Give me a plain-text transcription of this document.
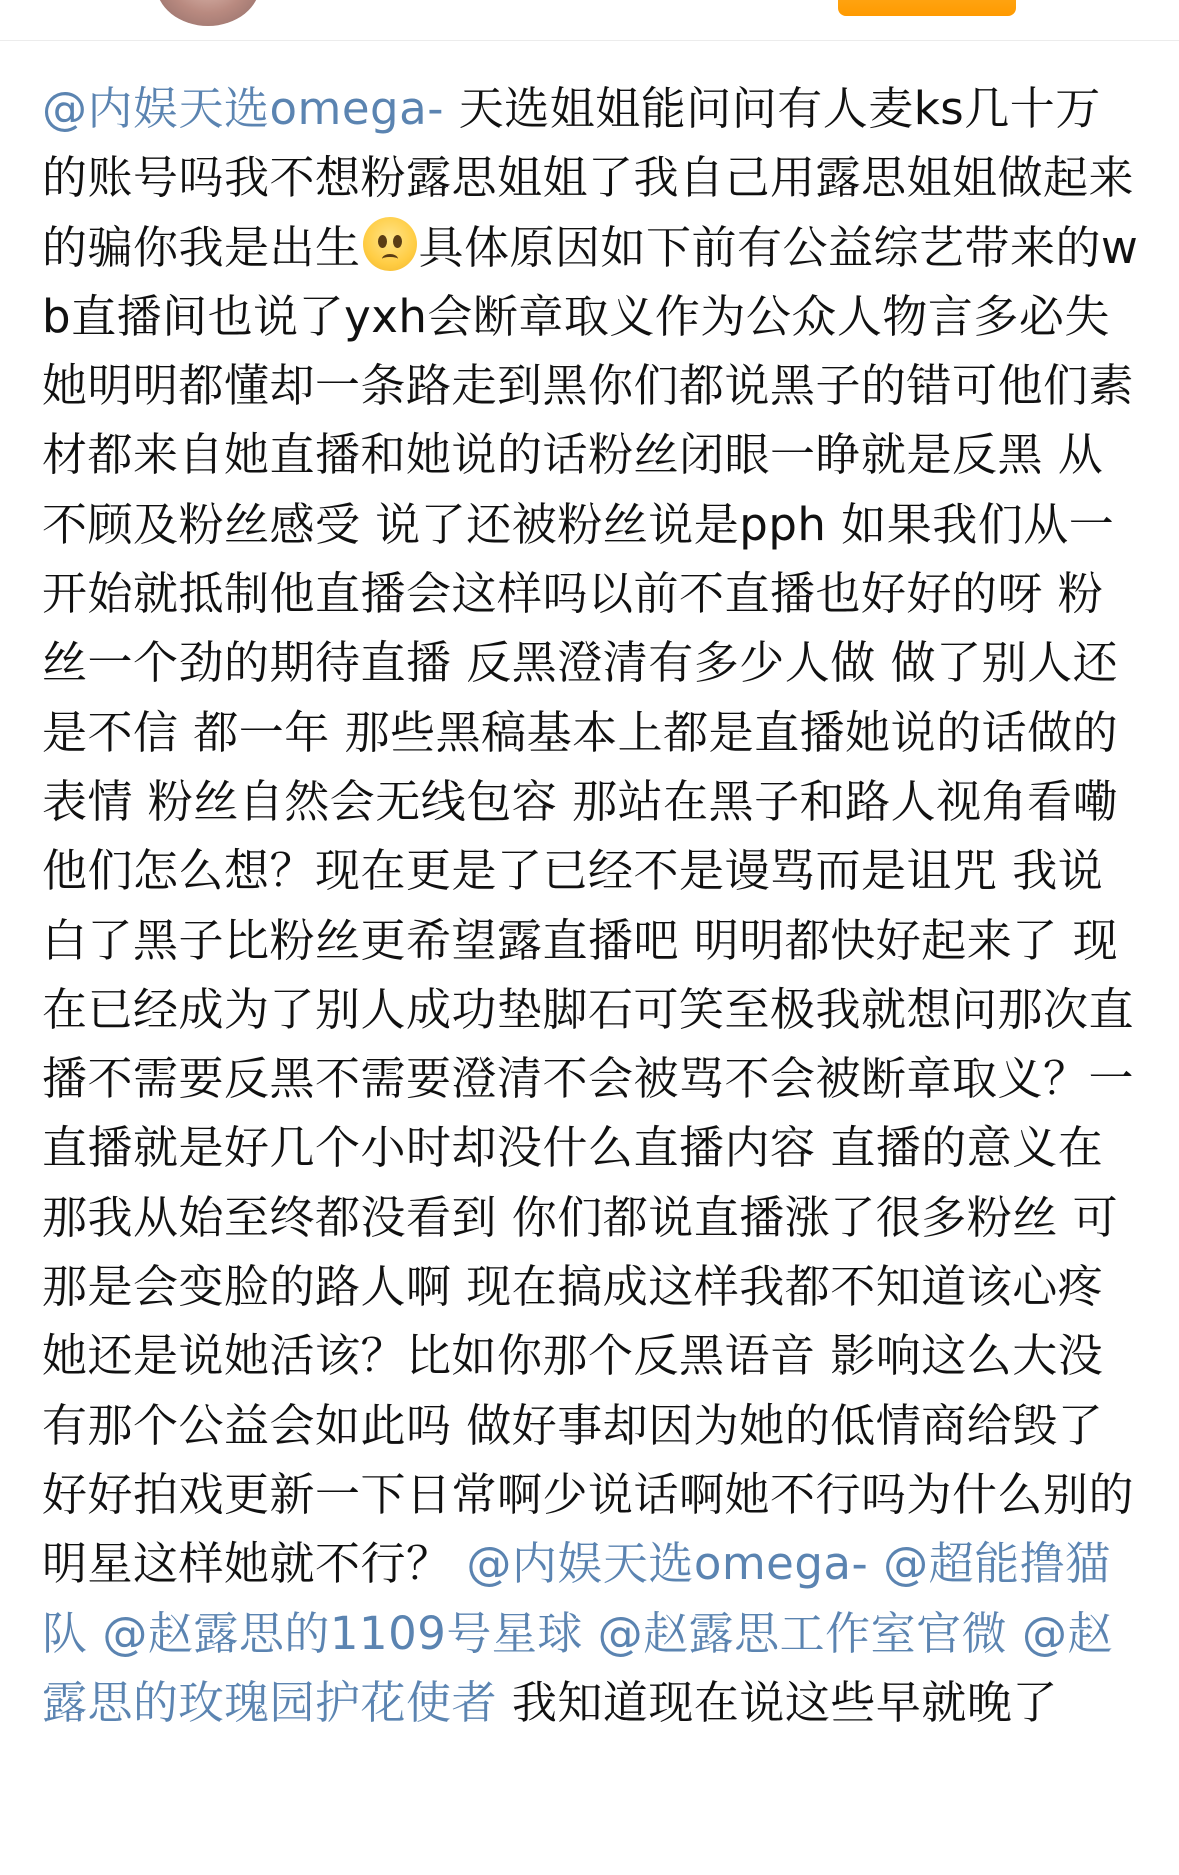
@内娱天选omega- 天选姐姐能问问有人麦ks几十万的账号吗我不想粉露思姐姐了我自己用露思姐姐做起来的骗你我是出生 具体原因如下前有公益综艺带来的wb直播间也说了yxh会断章取义作为公众人物言多必失她明明都懂却一条路走到黑你们都说黑子的错可他们素材都来自她直播和她说的话粉丝闭眼一睁就是反黑 从不顾及粉丝感受 说了还被粉丝说是pph 如果我们从一开始就抵制他直播会这样吗以前不直播也好好的呀 粉丝一个劲的期待直播 反黑澄清有多少人做 做了别人还是不信 都一年 那些黑稿基本上都是直播她说的话做的表情 粉丝自然会无线包容 那站在黑子和路人视角看嘞他们怎么想？现在更是了已经不是谩骂而是诅咒 我说白了黑子比粉丝更希望露直播吧 明明都快好起来了 现在已经成为了别人成功垫脚石可笑至极我就想问那次直播不需要反黑不需要澄清不会被骂不会被断章取义？一直播就是好几个小时却没什么直播内容 直播的意义在那我从始至终都没看到 你们都说直播涨了很多粉丝 可那是会变脸的路人啊 现在搞成这样我都不知道该心疼她还是说她活该？比如你那个反黑语音 影响这么大没有那个公益会如此吗 做好事却因为她的低情商给毁了 好好拍戏更新一下日常啊少说话啊她不行吗为什么别的明星这样她就不行？ @内娱天选omega- @超能撸猫队 @赵露思的1109号星球 @赵露思工作室官微 @赵露思的玫瑰园护花使者 我知道现在说这些早就晚了
